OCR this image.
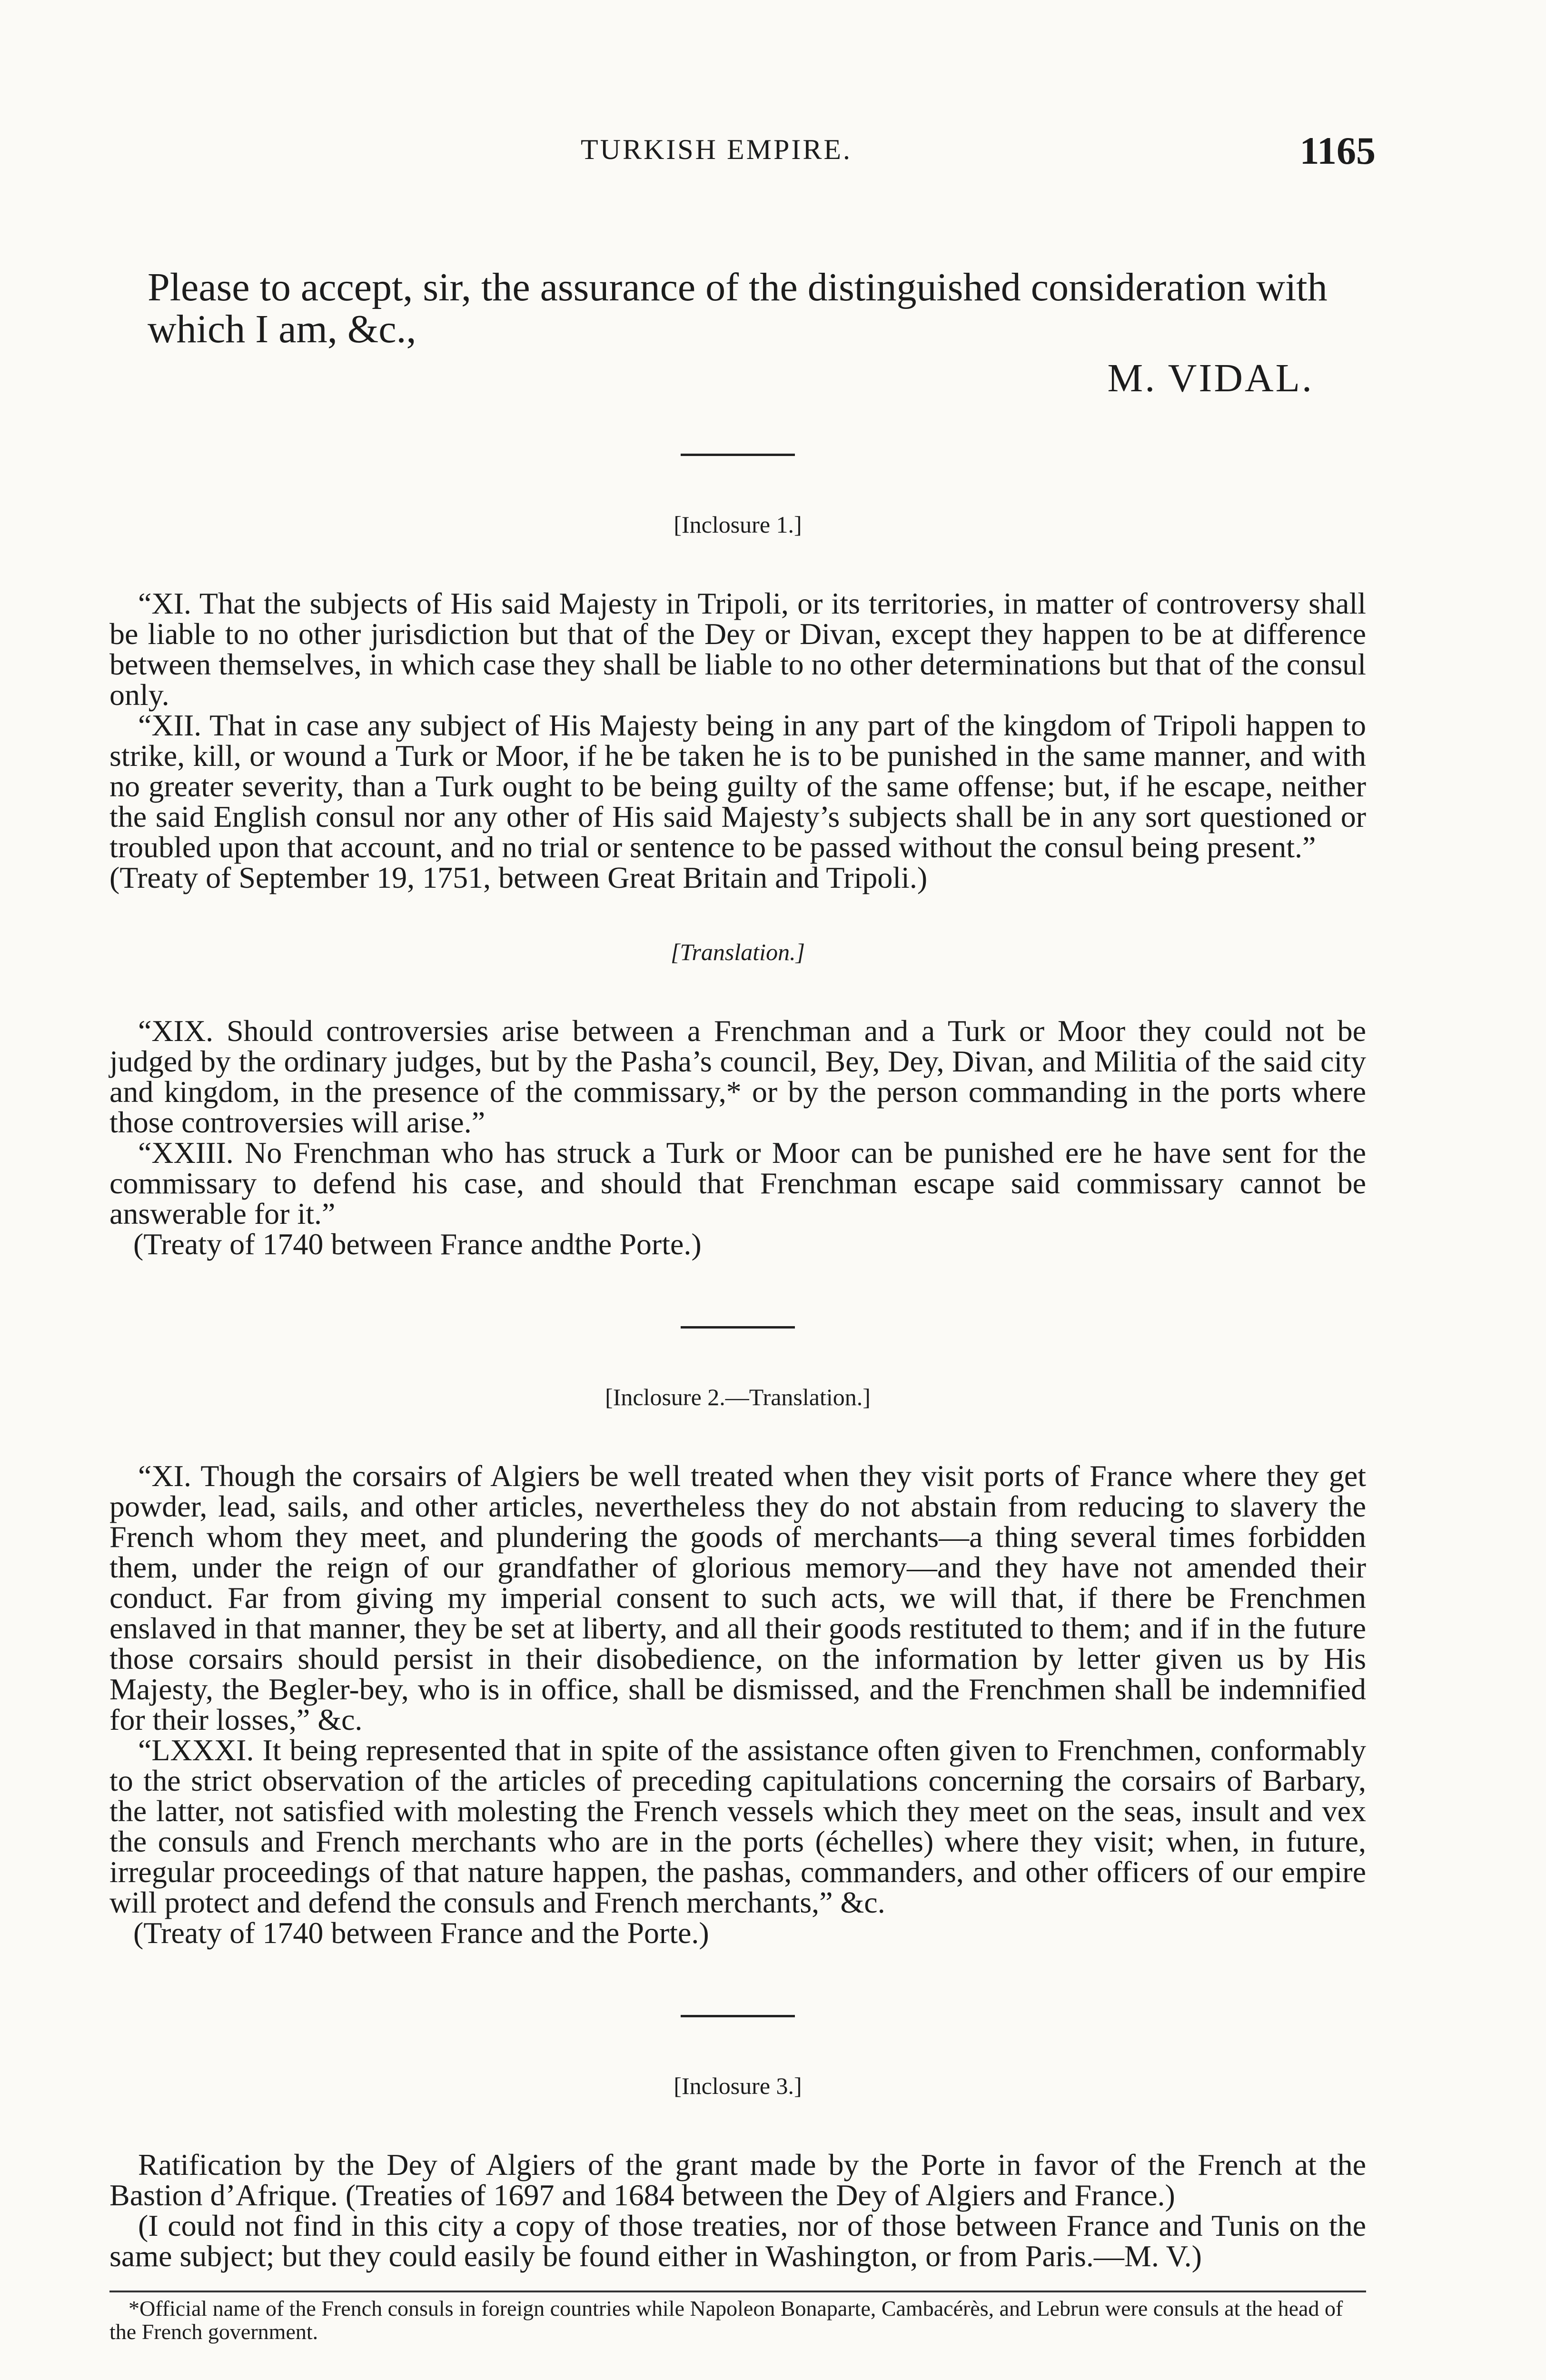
TURKISH EMPIRE.	1165

Please to accept, sir, the assurance of the distinguished consideration with which I am, &c.,

M. VIDAL.
[Inclosure 1.]

“XI. That the subjects of His said Majesty in Tripoli, or its territories, in matter of controversy shall be liable to no other jurisdiction but that of the Dey or Divan, except they happen to be at difference between themselves, in which case they shall be liable to no other determinations but that of the consul only.

“XII. That in case any subject of His Majesty being in any part of the kingdom of Tripoli happen to strike, kill, or wound a Turk or Moor, if he be taken he is to be punished in the same manner, and with no greater severity, than a Turk ought to be being guilty of the same offense; but, if he escape, neither the said English consul nor any other of His said Majesty’s subjects shall be in any sort questioned or troubled upon that account, and no trial or sentence to be passed without the consul being present.”

(Treaty of September 19, 1751, between Great Britain and Tripoli.)

[Translation.]

“XIX. Should controversies arise between a Frenchman and a Turk or Moor they could not be judged by the ordinary judges, but by the Pasha’s council, Bey, Dey, Divan, and Militia of the said city and kingdom, in the presence of the commissary,* or by the person commanding in the ports where those controversies will arise.”

“XXIII. No Frenchman who has struck a Turk or Moor can be punished ere he have sent for the commissary to defend his case, and should that Frenchman escape said commissary cannot be answerable for it.”

(Treaty of 1740 between France andthe Porte.)

[Inclosure 2.—Translation.]

“XI. Though the corsairs of Algiers be well treated when they visit ports of France where they get powder, lead, sails, and other articles, nevertheless they do not abstain from reducing to slavery the French whom they meet, and plundering the goods of merchants—a thing several times forbidden them, under the reign of our grandfather of glorious memory—and they have not amended their conduct. Far from giving my imperial consent to such acts, we will that, if there be Frenchmen enslaved in that manner, they be set at liberty, and all their goods restituted to them; and if in the future those corsairs should persist in their disobedience, on the information by letter given us by His Majesty, the Begler-bey, who is in office, shall be dismissed, and the Frenchmen shall be indemnified for their losses,” &c.

“LXXXI. It being represented that in spite of the assistance often given to Frenchmen, conformably to the strict observation of the articles of preceding capitulations concerning the corsairs of Barbary, the latter, not satisfied with molesting the French vessels which they meet on the seas, insult and vex the consuls and French merchants who are in the ports (échelles) where they visit; when, in future, irregular proceedings of that nature happen, the pashas, commanders, and other officers of our empire will protect and defend the consuls and French merchants,” &c.

(Treaty of 1740 between France and the Porte.)

[Inclosure 3.]

Ratification by the Dey of Algiers of the grant made by the Porte in favor of the French at the Bastion d’Afrique. (Treaties of 1697 and 1684 between the Dey of Algiers and France.)

(I could not find in this city a copy of those treaties, nor of those between France and Tunis on the same subject; but they could easily be found either in Washington, or from Paris.—M. V.)

*Official name of the French consuls in foreign countries while Napoleon Bonaparte, Cambacérès, and Lebrun were consuls at the head of the French government.
